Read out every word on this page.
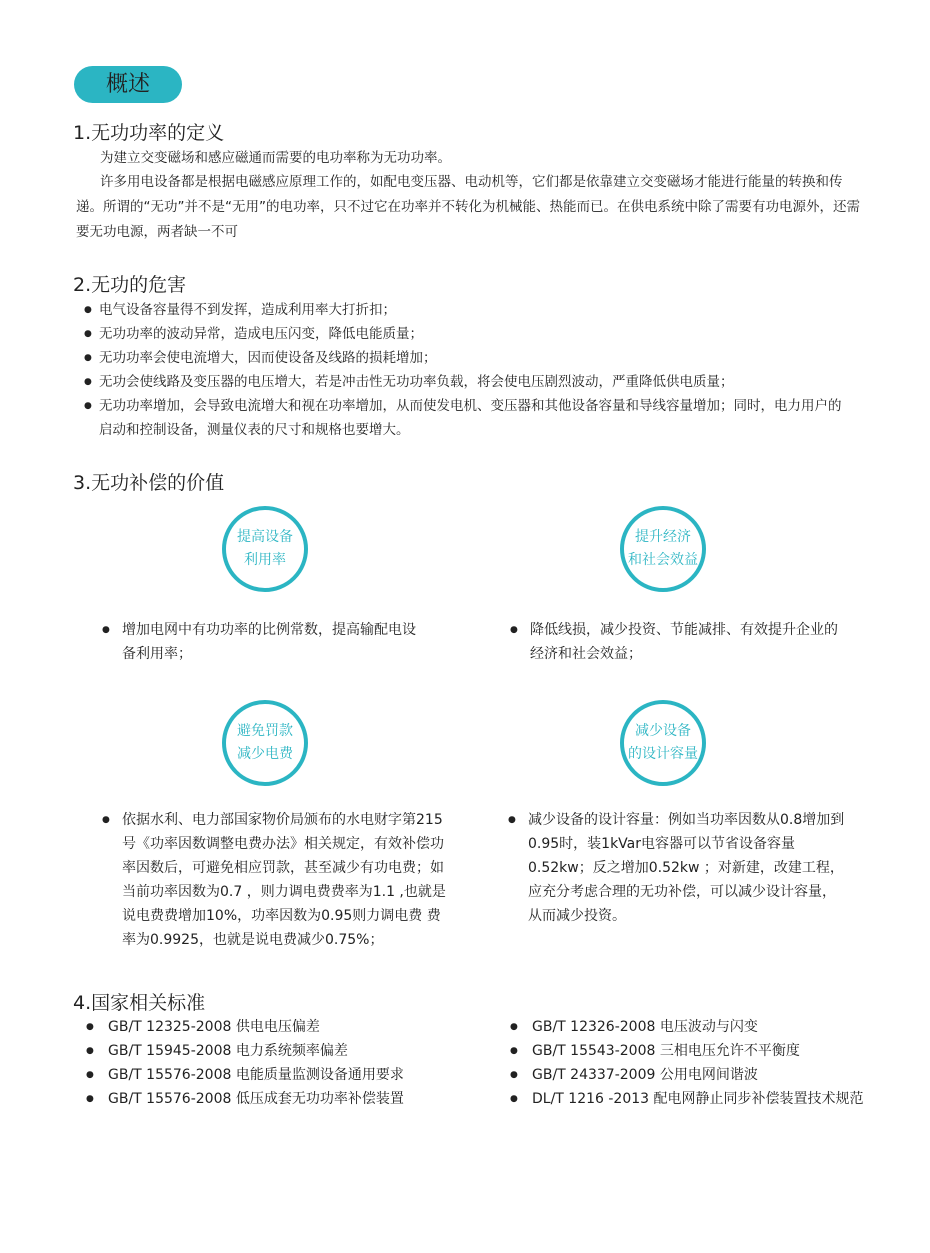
概述
1.无功功率的定义
为建立交变磁场和感应磁通而需要的电功率称为无功功率。
许多用电设备都是根据电磁感应原理工作的，如配电变压器、电动机等，它们都是依靠建立交变磁场才能进行能量的转换和传递。所谓的“无功”并不是“无用”的电功率，只不过它在功率并不转化为机械能、热能而已。在供电系统中除了需要有功电源外，还需要无功电源，两者缺一不可
2.无功的危害
● 电气设备容量得不到发挥，造成利用率大打折扣；
● 无功功率的波动异常，造成电压闪变，降低电能质量；
● 无功功率会使电流增大，因而使设备及线路的损耗增加；
● 无功会使线路及变压器的电压增大，若是冲击性无功功率负载，将会使电压剧烈波动，严重降低供电质量；
● 无功功率增加，会导致电流增大和视在功率增加，从而使发电机、变压器和其他设备容量和导线容量增加；同时，电力用户的启动和控制设备，测量仪表的尺寸和规格也要增大。
3.无功补偿的价值
提高设备
利用率
提升经济
和社会效益
● 增加电网中有功功率的比例常数，提高输配电设备利用率；
● 降低线损，减少投资、节能减排、有效提升企业的经济和社会效益；
避免罚款
减少电费
减少设备
的设计容量
● 依据水利、电力部国家物价局颁布的水电财字第215号《功率因数调整电费办法》相关规定，有效补偿功率因数后，可避免相应罚款，甚至减少有功电费；如当前功率因数为0.7 ，则力调电费费率为1.1 ,也就是说电费费增加10%，功率因数为0.95则力调电费 费率为0.9925，也就是说电费减少0.75%；
● 减少设备的设计容量：例如当功率因数从0.8增加到0.95时，装1kVar电容器可以节省设备容量0.52kw；反之增加0.52kw ；对新建，改建工程，应充分考虑合理的无功补偿，可以减少设计容量，从而减少投资。
4.国家相关标准
● GB/T 12325-2008 供电电压偏差
● GB/T 15945-2008 电力系统频率偏差
● GB/T 15576-2008 电能质量监测设备通用要求
● GB/T 15576-2008 低压成套无功功率补偿装置
● GB/T 12326-2008 电压波动与闪变
● GB/T 15543-2008 三相电压允许不平衡度
● GB/T 24337-2009 公用电网间谐波
● DL/T 1216 -2013 配电网静止同步补偿装置技术规范
